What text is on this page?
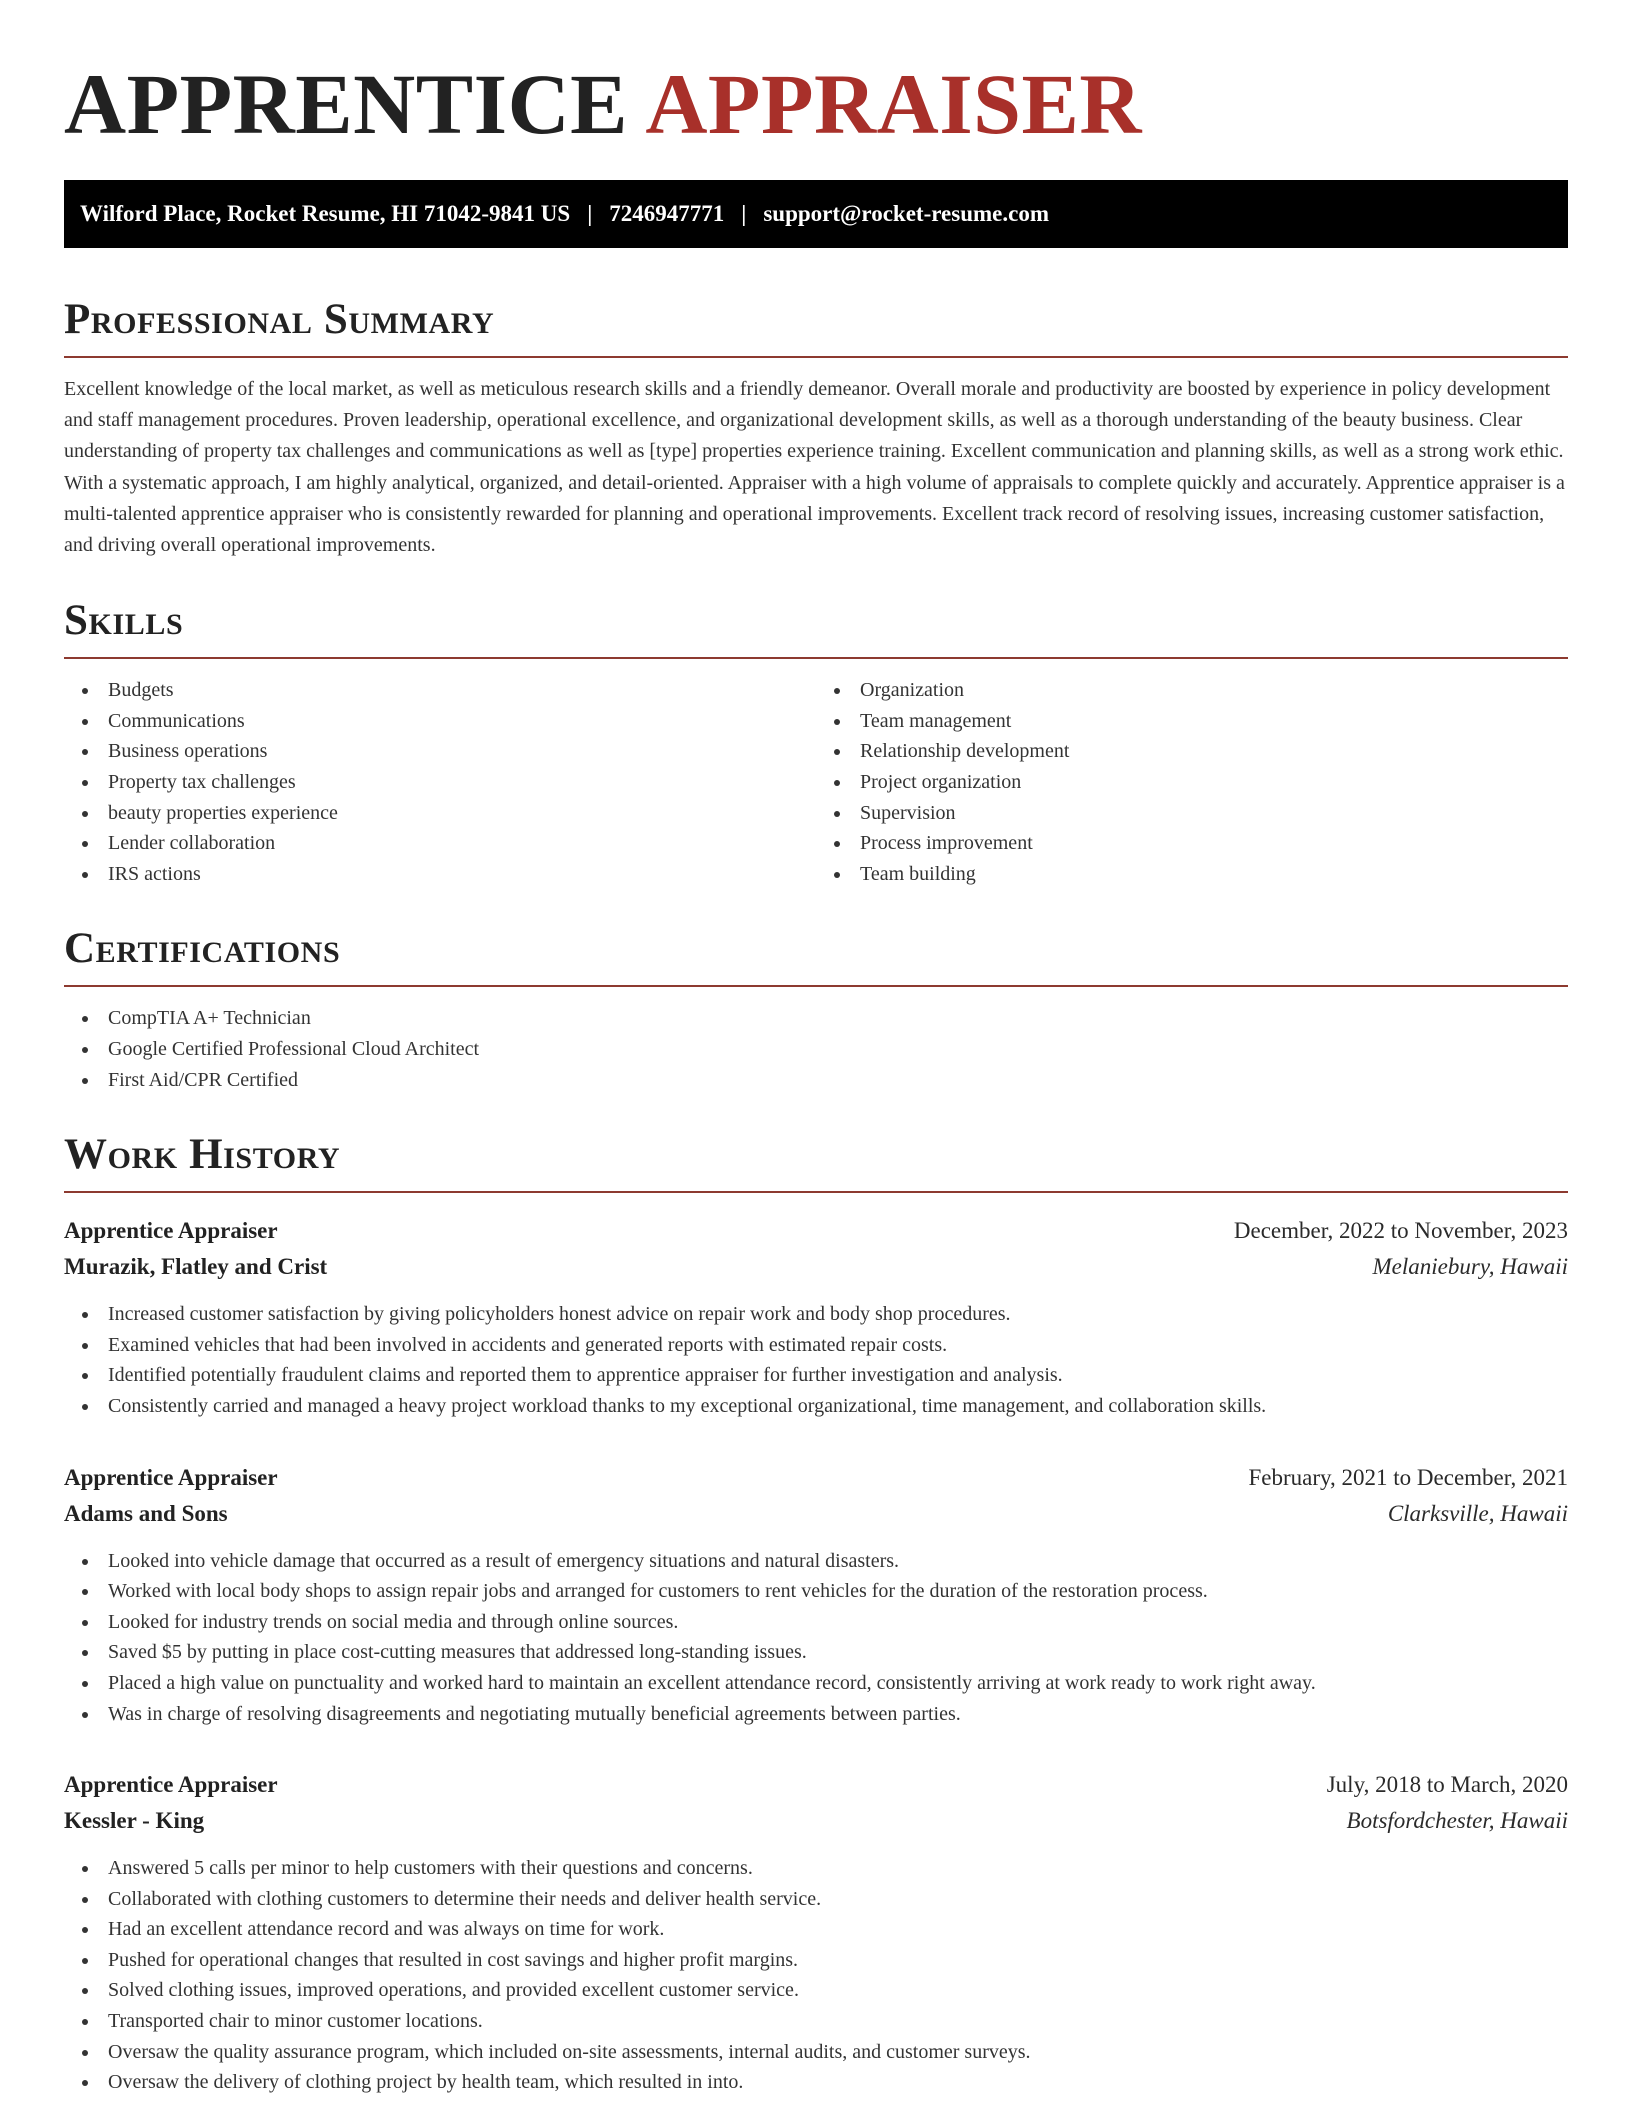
APPRENTICE APPRAISER
Wilford Place, Rocket Resume, HI 71042-9841 US | 7246947771 | support@rocket-resume.com
Professional Summary

Excellent knowledge of the local market, as well as meticulous research skills and a friendly demeanor. Overall morale and productivity are boosted by experience in policy development and staff management procedures. Proven leadership, operational excellence, and organizational development skills, as well as a thorough understanding of the beauty business. Clear understanding of property tax challenges and communications as well as [type] properties experience training. Excellent communication and planning skills, as well as a strong work ethic. With a systematic approach, I am highly analytical, organized, and detail-oriented. Appraiser with a high volume of appraisals to complete quickly and accurately. Apprentice appraiser is a multi-talented apprentice appraiser who is consistently rewarded for planning and operational improvements. Excellent track record of resolving issues, increasing customer satisfaction, and driving overall operational improvements.

Skills
Budgets
Communications
Business operations
Property tax challenges
beauty properties experience
Lender collaboration
IRS actions
Organization
Team management
Relationship development
Project organization
Supervision
Process improvement
Team building
Certifications
CompTIA A+ Technician
Google Certified Professional Cloud Architect
First Aid/CPR Certified
Work History
Apprentice Appraiser	December, 2022 to November, 2023
Murazik, Flatley and Crist	Melaniebury, Hawaii
Increased customer satisfaction by giving policyholders honest advice on repair work and body shop procedures.
Examined vehicles that had been involved in accidents and generated reports with estimated repair costs.
Identified potentially fraudulent claims and reported them to apprentice appraiser for further investigation and analysis.
Consistently carried and managed a heavy project workload thanks to my exceptional organizational, time management, and collaboration skills.
Apprentice Appraiser	February, 2021 to December, 2021
Adams and Sons	Clarksville, Hawaii
Looked into vehicle damage that occurred as a result of emergency situations and natural disasters.
Worked with local body shops to assign repair jobs and arranged for customers to rent vehicles for the duration of the restoration process.
Looked for industry trends on social media and through online sources.
Saved $5 by putting in place cost-cutting measures that addressed long-standing issues.
Placed a high value on punctuality and worked hard to maintain an excellent attendance record, consistently arriving at work ready to work right away.
Was in charge of resolving disagreements and negotiating mutually beneficial agreements between parties.
Apprentice Appraiser	July, 2018 to March, 2020
Kessler - King	Botsfordchester, Hawaii
Answered 5 calls per minor to help customers with their questions and concerns.
Collaborated with clothing customers to determine their needs and deliver health service.
Had an excellent attendance record and was always on time for work.
Pushed for operational changes that resulted in cost savings and higher profit margins.
Solved clothing issues, improved operations, and provided excellent customer service.
Transported chair to minor customer locations.
Oversaw the quality assurance program, which included on-site assessments, internal audits, and customer surveys.
Oversaw the delivery of clothing project by health team, which resulted in into.
